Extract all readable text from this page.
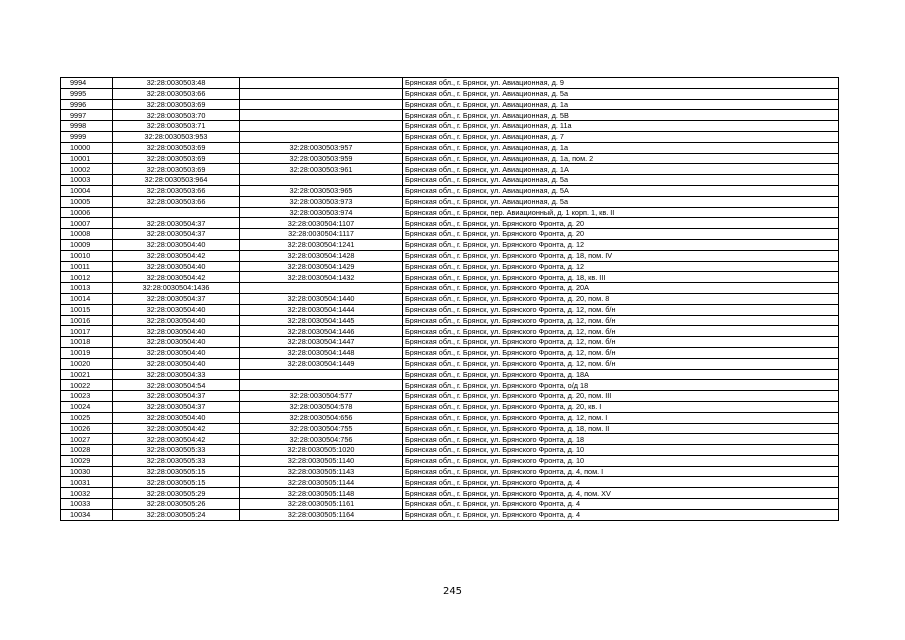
9994	32:28:0030503:48		Брянская обл., г. Брянск, ул. Авиационная, д. 9
9995	32:28:0030503:66		Брянская обл., г. Брянск, ул. Авиационная, д. 5а
9996	32:28:0030503:69		Брянская обл., г. Брянск, ул. Авиационная, д. 1а
9997	32:28:0030503:70		Брянская обл., г. Брянск, ул. Авиационная, д. 5В
9998	32:28:0030503:71		Брянская обл., г. Брянск, ул. Авиационная, д. 11а
9999	32:28:0030503:953		Брянская обл., г. Брянск, ул. Авиационная, д. 7
10000	32:28:0030503:69	32:28:0030503:957	Брянская обл., г. Брянск, ул. Авиационная, д. 1а
10001	32:28:0030503:69	32:28:0030503:959	Брянская обл., г. Брянск, ул. Авиационная, д. 1а, пом. 2
10002	32:28:0030503:69	32:28:0030503:961	Брянская обл., г. Брянск, ул. Авиационная, д. 1А
10003	32:28:0030503:964		Брянская обл., г. Брянск, ул. Авиационная, д. 5а
10004	32:28:0030503:66	32:28:0030503:965	Брянская обл., г. Брянск, ул. Авиационная, д. 5А
10005	32:28:0030503:66	32:28:0030503:973	Брянская обл., г. Брянск, ул. Авиационная, д. 5а
10006		32:28:0030503:974	Брянская обл., г. Брянск, пер. Авиационный, д. 1 корп. 1, кв. II
10007	32:28:0030504:37	32:28:0030504:1107	Брянская обл., г. Брянск, ул. Брянского Фронта, д. 20
10008	32:28:0030504:37	32:28:0030504:1117	Брянская обл., г. Брянск, ул. Брянского Фронта, д. 20
10009	32:28:0030504:40	32:28:0030504:1241	Брянская обл., г. Брянск, ул. Брянского Фронта, д. 12
10010	32:28:0030504:42	32:28:0030504:1428	Брянская обл., г. Брянск, ул. Брянского Фронта, д. 18, пом. IV
10011	32:28:0030504:40	32:28:0030504:1429	Брянская обл., г. Брянск, ул. Брянского Фронта, д. 12
10012	32:28:0030504:42	32:28:0030504:1432	Брянская обл., г. Брянск, ул. Брянского Фронта, д. 18, кв. III
10013	32:28:0030504:1436		Брянская обл., г. Брянск, ул. Брянского Фронта, д. 20А
10014	32:28:0030504:37	32:28:0030504:1440	Брянская обл., г. Брянск, ул. Брянского Фронта, д. 20, пом. 8
10015	32:28:0030504:40	32:28:0030504:1444	Брянская обл., г. Брянск, ул. Брянского Фронта, д. 12, пом. б/н
10016	32:28:0030504:40	32:28:0030504:1445	Брянская обл., г. Брянск, ул. Брянского Фронта, д. 12, пом. б/н
10017	32:28:0030504:40	32:28:0030504:1446	Брянская обл., г. Брянск, ул. Брянского Фронта, д. 12, пом. б/н
10018	32:28:0030504:40	32:28:0030504:1447	Брянская обл., г. Брянск, ул. Брянского Фронта, д. 12, пом. б/н
10019	32:28:0030504:40	32:28:0030504:1448	Брянская обл., г. Брянск, ул. Брянского Фронта, д. 12, пом. б/н
10020	32:28:0030504:40	32:28:0030504:1449	Брянская обл., г. Брянск, ул. Брянского Фронта, д. 12, пом. б/н
10021	32:28:0030504:33		Брянская обл., г. Брянск, ул. Брянского Фронта, д. 18А
10022	32:28:0030504:54		Брянская обл., г. Брянск, ул. Брянского Фронта, о/д 18
10023	32:28:0030504:37	32:28:0030504:577	Брянская обл., г. Брянск, ул. Брянского Фронта, д. 20, пом. III
10024	32:28:0030504:37	32:28:0030504:578	Брянская обл., г. Брянск, ул. Брянского Фронта, д. 20, кв. I
10025	32:28:0030504:40	32:28:0030504:656	Брянская обл., г. Брянск, ул. Брянского Фронта, д. 12, пом. I
10026	32:28:0030504:42	32:28:0030504:755	Брянская обл., г. Брянск, ул. Брянского Фронта, д. 18, пом. II
10027	32:28:0030504:42	32:28:0030504:756	Брянская обл., г. Брянск, ул. Брянского Фронта, д. 18
10028	32:28:0030505:33	32:28:0030505:1020	Брянская обл., г. Брянск, ул. Брянского Фронта, д. 10
10029	32:28:0030505:33	32:28:0030505:1140	Брянская обл., г. Брянск, ул. Брянского Фронта, д. 10
10030	32:28:0030505:15	32:28:0030505:1143	Брянская обл., г. Брянск, ул. Брянского Фронта, д. 4, пом. I
10031	32:28:0030505:15	32:28:0030505:1144	Брянская обл., г. Брянск, ул. Брянского Фронта, д. 4
10032	32:28:0030505:29	32:28:0030505:1148	Брянская обл., г. Брянск, ул. Брянского Фронта, д. 4, пом. XV
10033	32:28:0030505:26	32:28:0030505:1161	Брянская обл., г. Брянск, ул. Брянского Фронта, д. 4
10034	32:28:0030505:24	32:28:0030505:1164	Брянская обл., г. Брянск, ул. Брянского Фронта, д. 4
245
